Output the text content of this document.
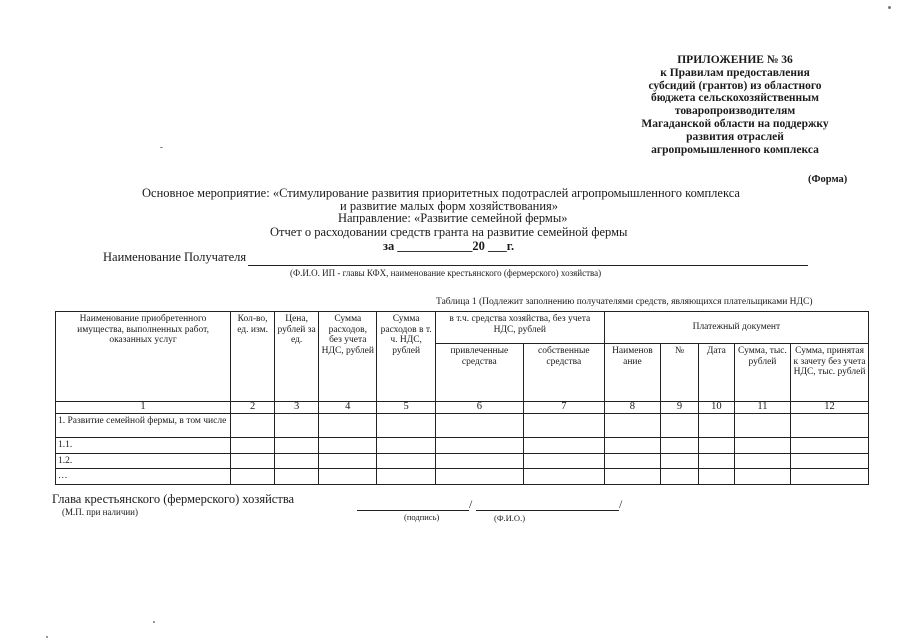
ПРИЛОЖЕНИЕ № 36
к Правилам предоставления
субсидий (грантов) из областного
бюджета сельскохозяйственным
товаропроизводителям
Магаданской области на поддержку
развития отраслей
агропромышленного комплекса
(Форма)
Основное мероприятие: «Стимулирование развития приоритетных подотраслей агропромышленного комплекса
и развитие малых форм хозяйствования»
Направление: «Развитие семейной фермы»
Отчет о расходовании средств гранта на развитие семейной фермы
за ____________20 ___г.
Наименование Получателя
(Ф.И.О. ИП - главы КФХ, наименование крестьянского (фермерского) хозяйства)
Таблица 1 (Подлежит заполнению получателями средств, являющихся плательщиками НДС)
Наименование приобретенного имущества, выполненных работ, оказанных услуг	Кол-во, ед. изм.	Цена, рублей за ед.	Сумма расходов, без учета НДС, рублей	Сумма расходов в т. ч. НДС, рублей	в т.ч. средства хозяйства, без учета НДС, рублей		Платежный документ				
					привлеченные средства	собственные средства	Наименов ание	№	Дата	Сумма, тыс. рублей	Сумма, принятая к зачету без учета НДС, тыс. рублей
1	2	3	4	5	6	7	8	9	10	11	12
1. Развитие семейной фермы, в том числе											
1.1.											
1.2.											
…											
Глава крестьянского (фермерского) хозяйства
(М.П. при наличии)
/	/
(подпись)	(Ф.И.О.)
